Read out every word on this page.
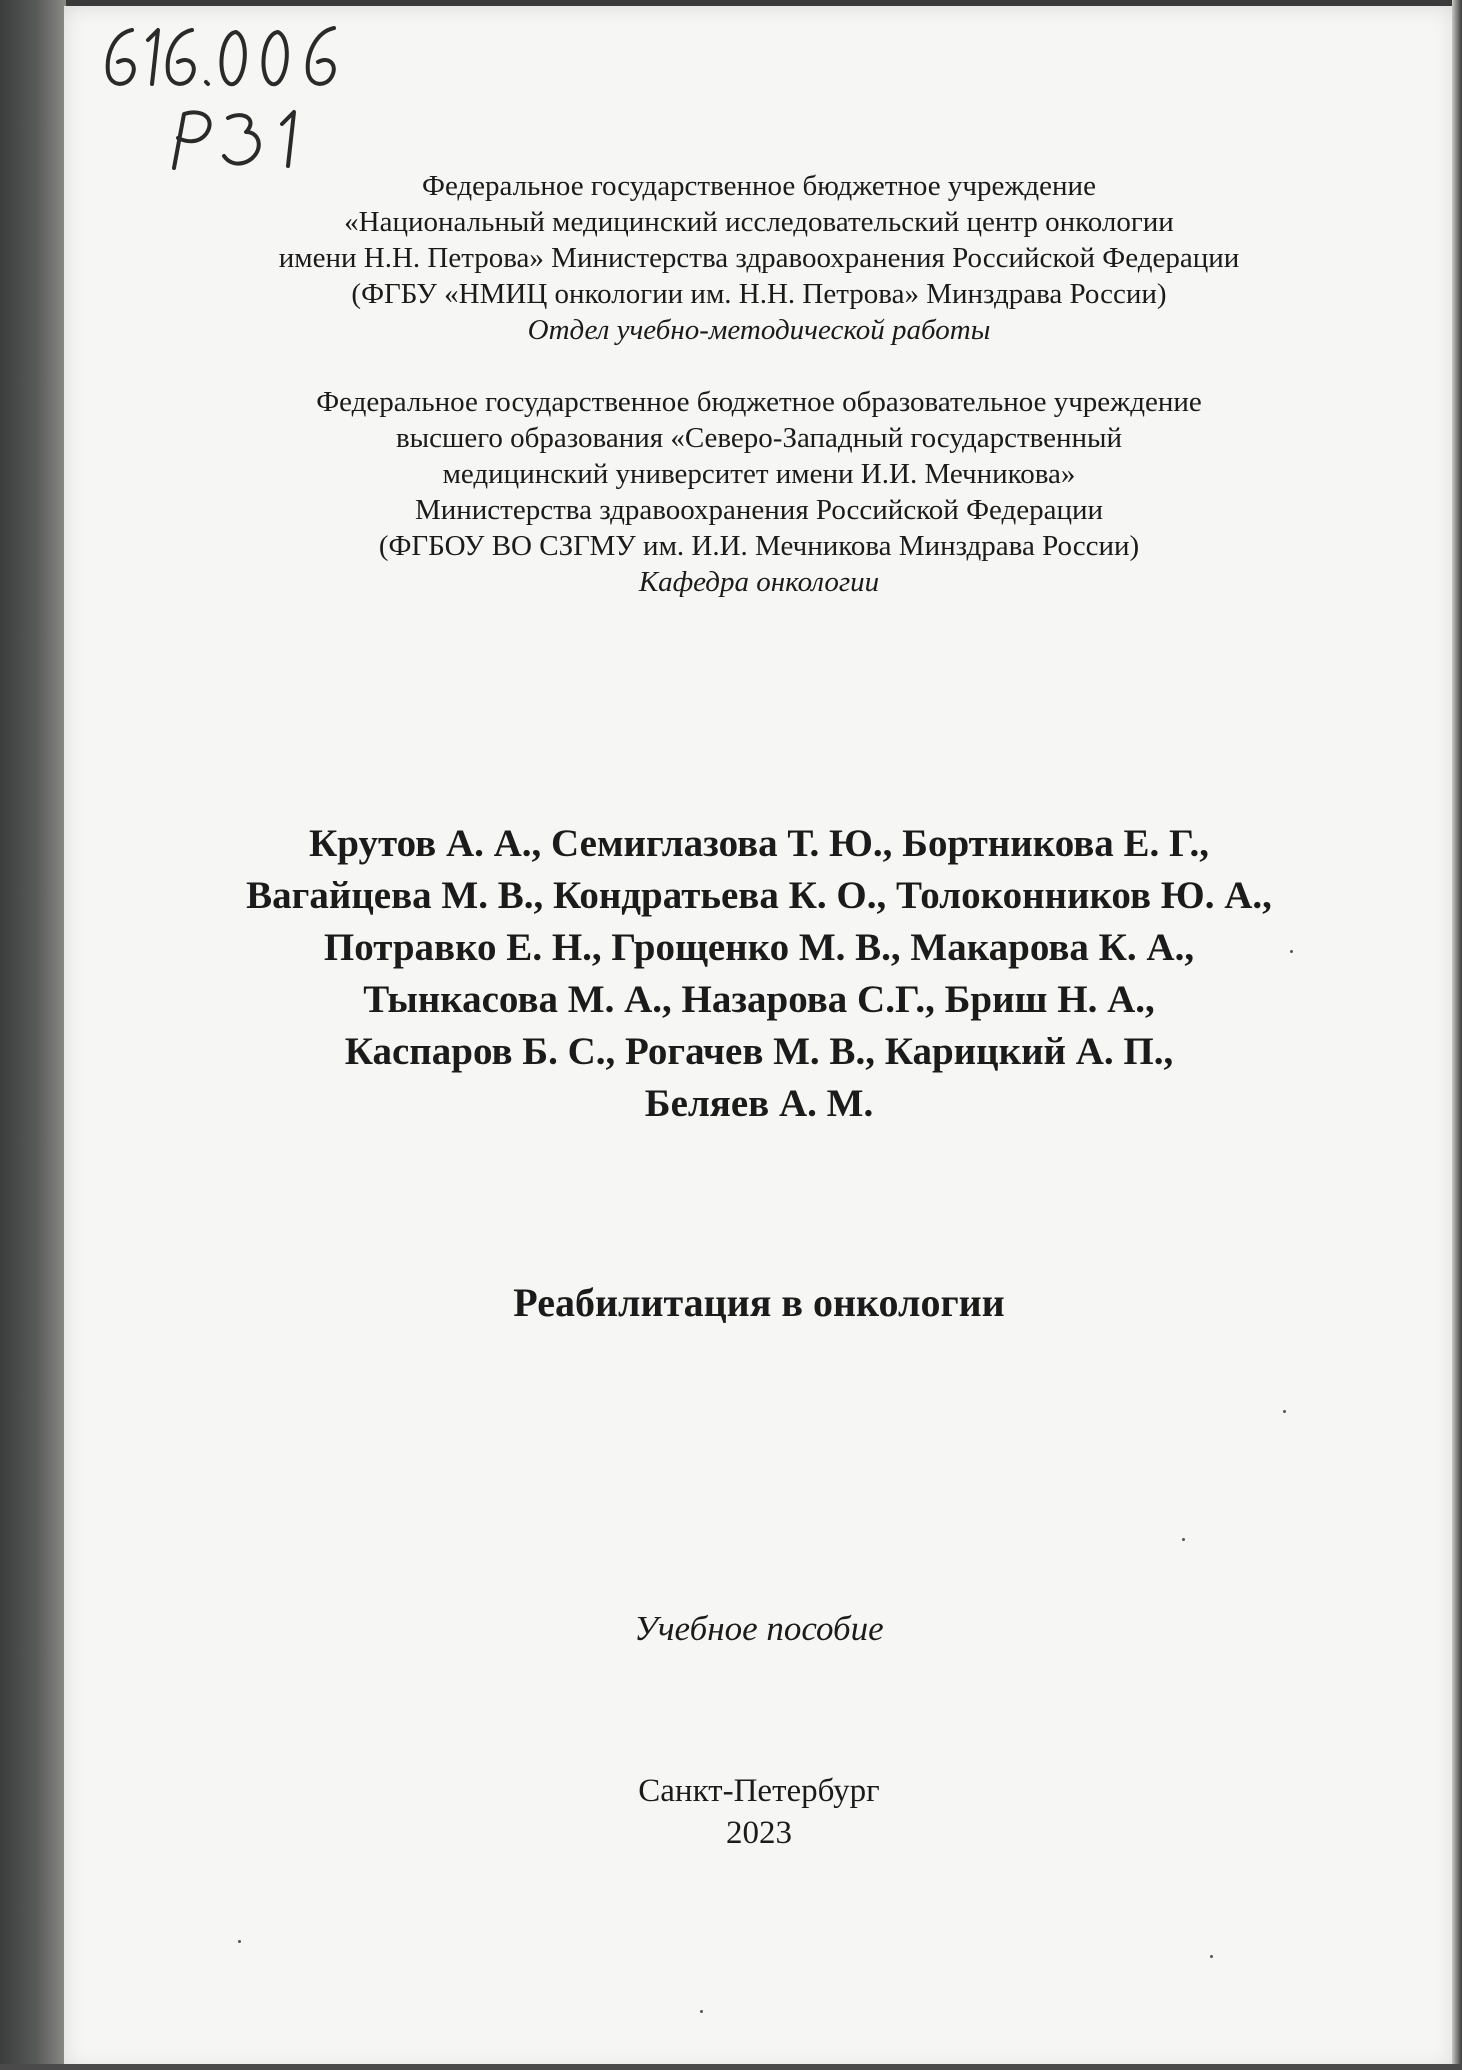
Федеральное государственное бюджетное учреждение
«Национальный медицинский исследовательский центр онкологии
имени Н.Н. Петрова» Министерства здравоохранения Российской Федерации
(ФГБУ «НМИЦ онкологии им. Н.Н. Петрова» Минздрава России)
Отдел учебно-методической работы
Федеральное государственное бюджетное образовательное учреждение
высшего образования «Северо-Западный государственный
медицинский университет имени И.И. Мечникова»
Министерства здравоохранения Российской Федерации
(ФГБОУ ВО СЗГМУ им. И.И. Мечникова Минздрава России)
Кафедра онкологии
Крутов А. А., Семиглазова Т. Ю., Бортникова Е. Г.,
Вагайцева М. В., Кондратьева К. О., Толоконников Ю. А.,
Потравко Е. Н., Грощенко М. В., Макарова К. А.,
Тынкасова М. А., Назарова С.Г., Бриш Н. А.,
Каспаров Б. С., Рогачев М. В., Карицкий А. П.,
Беляев А. М.
Реабилитация в онкологии
Учебное пособие
Санкт-Петербург
2023
